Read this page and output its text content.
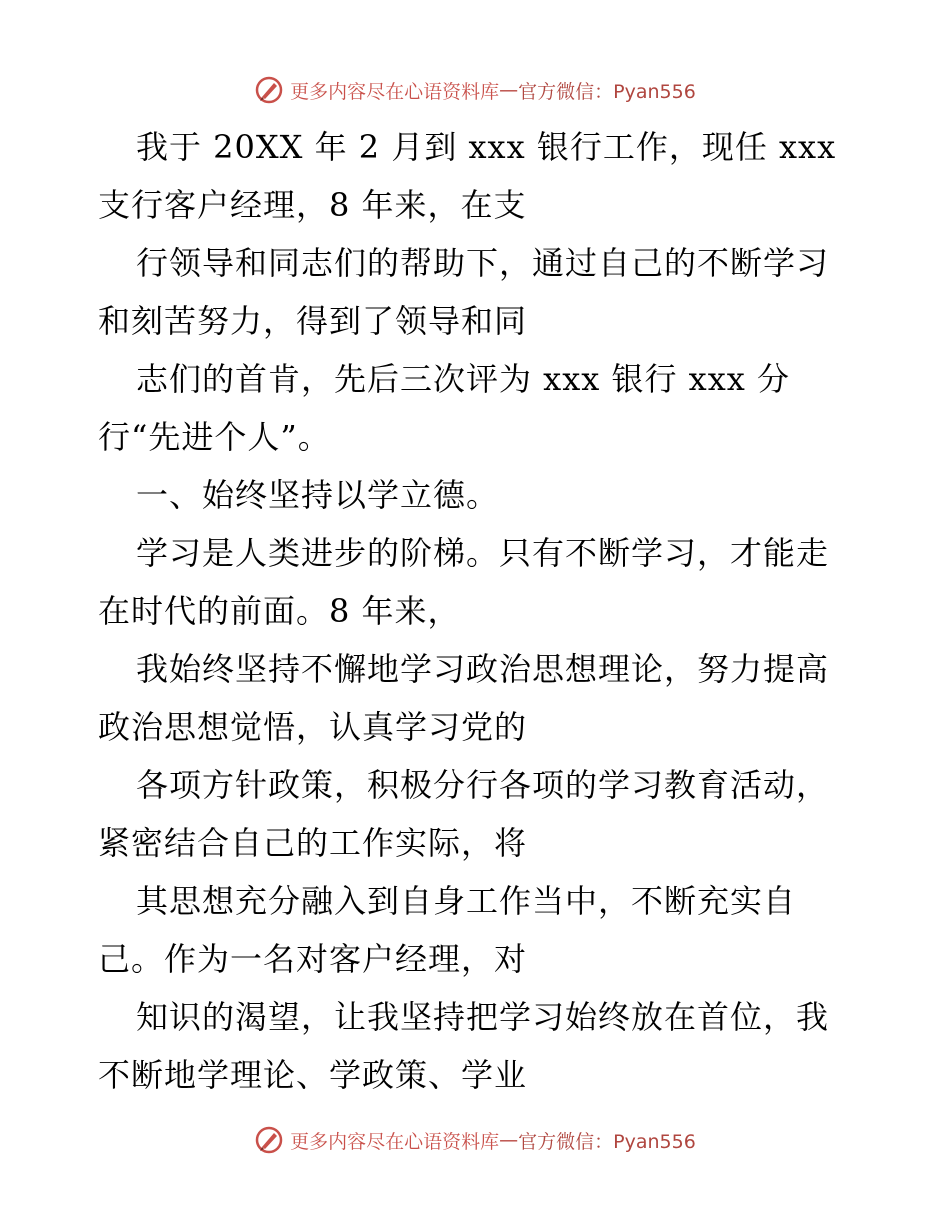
更多内容尽在心语资料库 — 官方微信：Pyan556

我于 20XX 年 2 月到 xxx 银行工作，现任 xxx

支行客户经理，8 年来，在支

行领导和同志们的帮助下，通过自己的不断学习

和刻苦努力，得到了领导和同

志们的首肯，先后三次评为 xxx 银行 xxx 分

行“先进个人”。

一、始终坚持以学立德。

学习是人类进步的阶梯。只有不断学习，才能走

在时代的前面。8 年来，

我始终坚持不懈地学习政治思想理论，努力提高

政治思想觉悟，认真学习党的

各项方针政策，积极分行各项的学习教育活动，

紧密结合自己的工作实际，将

其思想充分融入到自身工作当中，不断充实自

己。作为一名对客户经理，对

知识的渴望，让我坚持把学习始终放在首位，我

不断地学理论、学政策、学业

更多内容尽在心语资料库 — 官方微信：Pyan556
